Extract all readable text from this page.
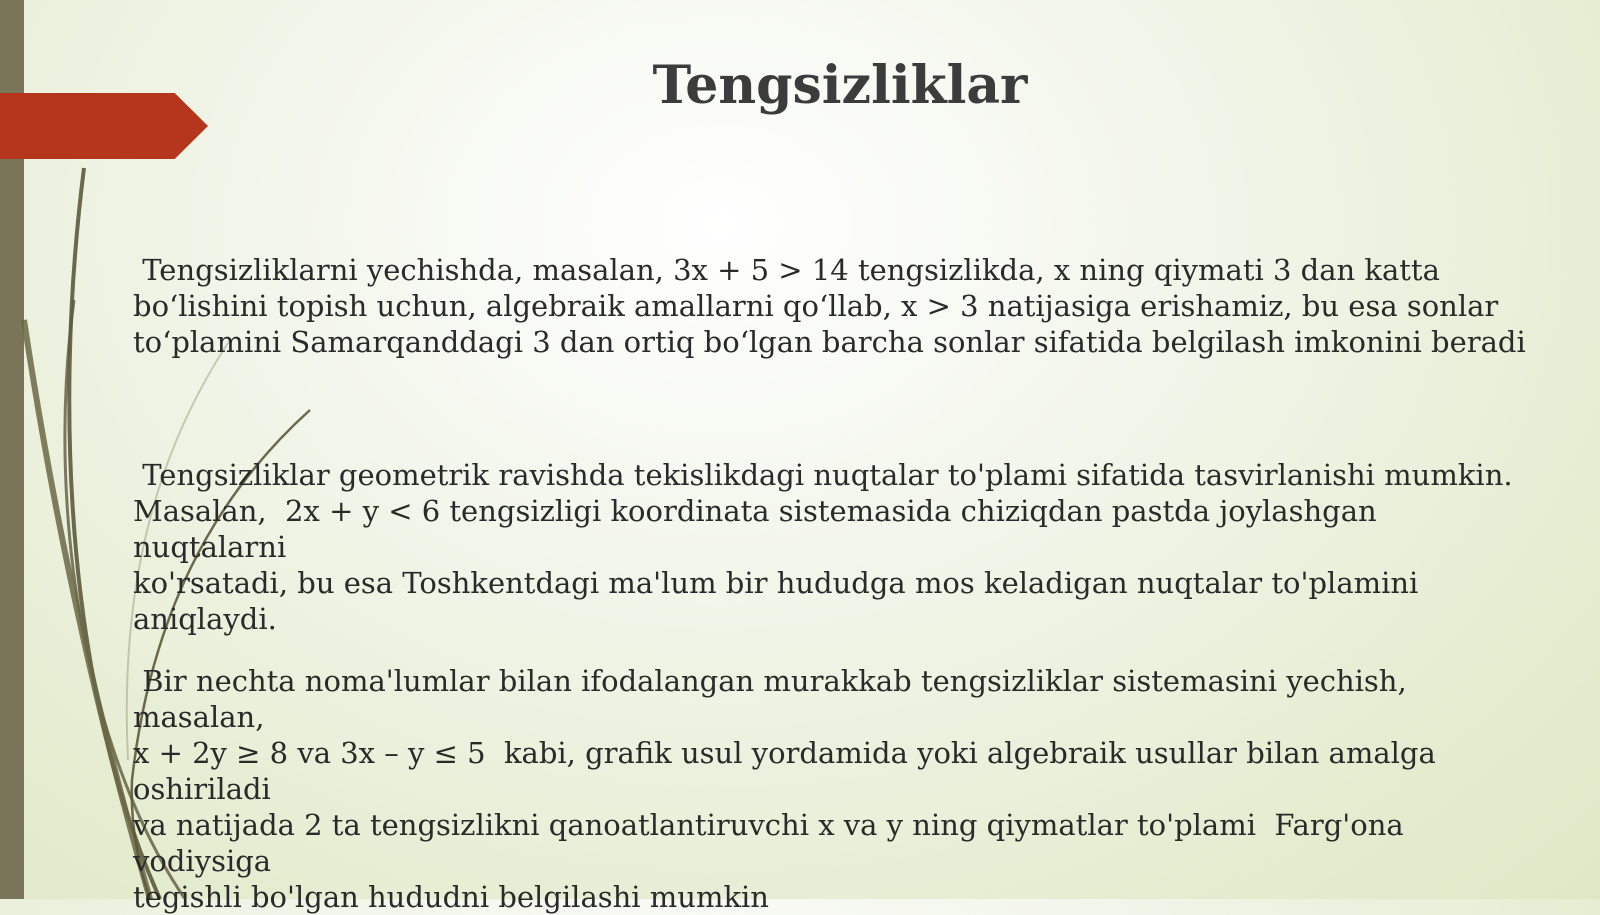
Tengsizliklar

Tengsizliklarni yechishda, masalan, 3x + 5 > 14 tengsizlikda, x ning qiymati 3 dan katta
bo‘lishini topish uchun, algebraik amallarni qo‘llab, x > 3 natijasiga erishamiz, bu esa sonlar
to‘plamini Samarqanddagi 3 dan ortiq bo‘lgan barcha sonlar sifatida belgilash imkonini beradi

Tengsizliklar geometrik ravishda tekislikdagi nuqtalar to'plami sifatida tasvirlanishi mumkin.
Masalan,  2x + y < 6 tengsizligi koordinata sistemasida chiziqdan pastda joylashgan nuqtalarni
ko'rsatadi, bu esa Toshkentdagi ma'lum bir hududga mos keladigan nuqtalar to'plamini
aniqlaydi.

Bir nechta noma'lumlar bilan ifodalangan murakkab tengsizliklar sistemasini yechish, masalan,
x + 2y ≥ 8 va 3x – y ≤ 5  kabi, grafik usul yordamida yoki algebraik usullar bilan amalga oshiriladi
va natijada 2 ta tengsizlikni qanoatlantiruvchi x va y ning qiymatlar to'plami  Farg'ona vodiysiga
tegishli bo'lgan hududni belgilashi mumkin
